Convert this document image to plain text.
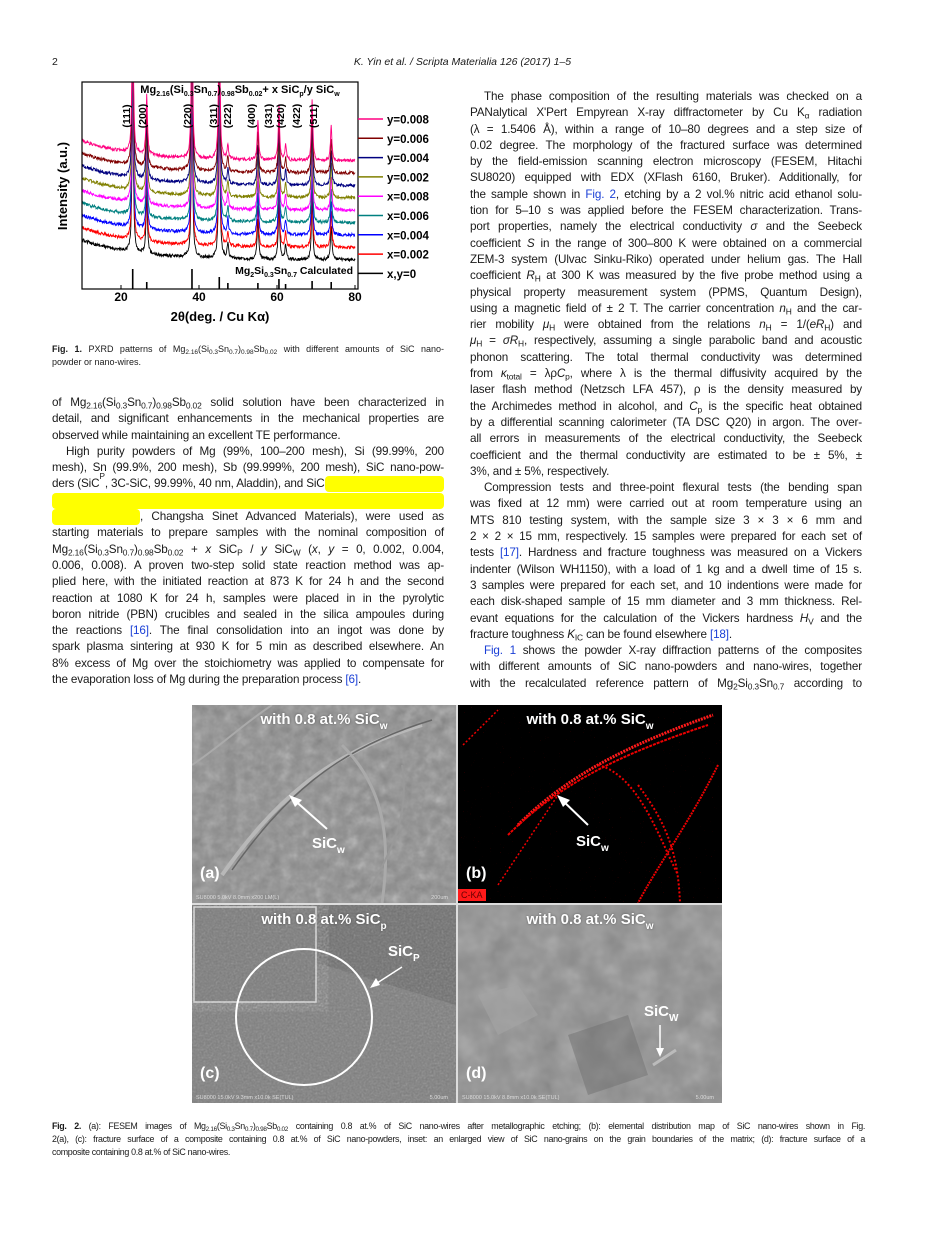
2	K. Yin et al. / Scripta Materialia 126 (2017) 1–5
x,y=0
x=0.002
x=0.004
x=0.006
x=0.008
y=0.002
y=0.004
y=0.006
y=0.008
(111) (200)	(220) (311) (222) (400) (331) (420) (422) (511)
20	40	60	80
$Mg_{2.16}(Si_{0.3}Sn_{0.7})_{0.98}Sb_{0.02}+ x$ SiC$_p$/y SiC$_w$
2θ(deg. / Cu Kα)
Intensity (a.u.)
$Mg_2Si_{0.3}Sn_{0.7}$ Calculated
Fig. 1. PXRD patterns of $Mg_{2.16}(Si_{0.3}Sn_{0.7})_{0.98}Sb_{0.02}$ with different amounts of SiC nano-
powder or nano-wires.
of $Mg_{2.16}(Si_{0.3}Sn_{0.7})_{0.98}Sb_{0.02}$ solid solution have been characterized in
detail, and significant enhancements in the mechanical properties are
observed while maintaining an excellent TE performance.
High purity powders of Mg (99%, 100–200 mesh), Si (99.99%, 200
mesh), Sn (99.9%, 200 mesh), Sb (99.999%, 200 mesh), SiC nano-pow-
ders (SiC
P
, 3C-SiC, 99.99%, 40 nm, Aladdin), and SiC
, Changsha Sinet Advanced Materials), were used as
starting materials to prepare samples with the nominal composition of
$Mg_{2.16}(Si_{0.3}Sn_{0.7})_{0.98}Sb_{0.02} + x$ SiC$_P$ / y SiC$_W$ (x, y = 0, 0.002, 0.004,
0.006, 0.008). A proven two-step solid state reaction method was ap-
plied here, with the initiated reaction at 873 K for 24 h and the second
reaction at 1080 K for 24 h, samples were placed in in the pyrolytic
boron nitride (PBN) crucibles and sealed in the silica ampoules during
the reactions [16]. The final consolidation into an ingot was done by
spark plasma sintering at 930 K for 5 min as described elsewhere. An
8% excess of Mg over the stoichiometry was applied to compensate for
the evaporation loss of Mg during the preparation process [6].
The phase composition of the resulting materials was checked on a
PANalytical X'Pert Empyrean X-ray diffractometer by Cu $K_\alpha$ radiation
(λ = 1.5406 Å), within a range of 10–80 degrees and a step size of
0.02 degree. The morphology of the fractured surface was determined
by the field-emission scanning electron microscopy (FESEM, Hitachi
SU8020) equipped with EDX (XFlash 6160, Bruker). Additionally, for
the sample shown in Fig. 2, etching by a 2 vol.% nitric acid ethanol solu-
tion for 5–10 s was applied before the FESEM characterization. Trans-
port properties, namely the electrical conductivity σ and the Seebeck
coefficient S in the range of 300–800 K were obtained on a commercial
ZEM-3 system (Ulvac Sinku-Riko) operated under helium gas. The Hall
coefficient $R_H$ at 300 K was measured by the five probe method using a
physical property measurement system (PPMS, Quantum Design),
using a magnetic field of ± 2 T. The carrier concentration $n_H$ and the car-
rier mobility $\mu_H$ were obtained from the relations $n_H = 1/(eR_H)$ and
$\mu_H = \sigma R_H$, respectively, assuming a single parabolic band and acoustic
phonon scattering. The total thermal conductivity was determined
from $\kappa_{total} = \lambda\rho C_p$, where λ is the thermal diffusivity acquired by the
laser flash method (Netzsch LFA 457), ρ is the density measured by
the Archimedes method in alcohol, and $C_p$ is the specific heat obtained
by a differential scanning calorimeter (TA DSC Q20) in argon. The over-
all errors in measurements of the electrical conductivity, the Seebeck
coefficient and the thermal conductivity are estimated to be ± 5%, ±
3%, and ± 5%, respectively.
Compression tests and three-point flexural tests (the bending span
was fixed at 12 mm) were carried out at room temperature using an
MTS 810 testing system, with the sample size 3 × 3 × 6 mm and
2 × 2 × 15 mm, respectively. 15 samples were prepared for each set of
tests [17]. Hardness and fracture toughness was measured on a Vickers
indenter (Wilson WH1150), with a load of 1 kg and a dwell time of 15 s.
3 samples were prepared for each set, and 10 indentions were made for
each disk-shaped sample of 15 mm diameter and 3 mm thickness. Rel-
evant equations for the calculation of the Vickers hardness $H_V$ and the
fracture toughness $K_{IC}$ can be found elsewhere [18].
Fig. 1 shows the powder X-ray diffraction patterns of the composites
with different amounts of SiC nano-powders and nano-wires, together
with the recalculated reference pattern of $Mg_2Si_{0.3}Sn_{0.7}$ according to
with 0.8 at.% SiC$_w$
SiC$_w$
(a)
SU8000 5.0kV 8.0mm x200 LM(L)	200um
with 0.8 at.% SiC$_w$
SiC$_w$
(b)
C-KA
with 0.8 at.% SiC$_p$
SiC$_P$
(c)
SU8000 15.0kV 9.3mm x10.0k SE(TUL)	5.00um
with 0.8 at.% SiC$_w$
SiC$_W$
(d)
SU8000 15.0kV 8.8mm x10.0k SE(TUL)	5.00um
Fig. 2. (a): FESEM images of $Mg_{2.16}(Si_{0.3}Sn_{0.7})_{0.98}Sb_{0.02}$ containing 0.8 at.% of SiC nano-wires after metallographic etching; (b): elemental distribution map of SiC nano-wires shown in Fig.
2(a), (c): fracture surface of a composite containing 0.8 at.% of SiC nano-powders, inset: an enlarged view of SiC nano-grains on the grain boundaries of the matrix; (d): fracture surface of a
composite containing 0.8 at.% of SiC nano-wires.
